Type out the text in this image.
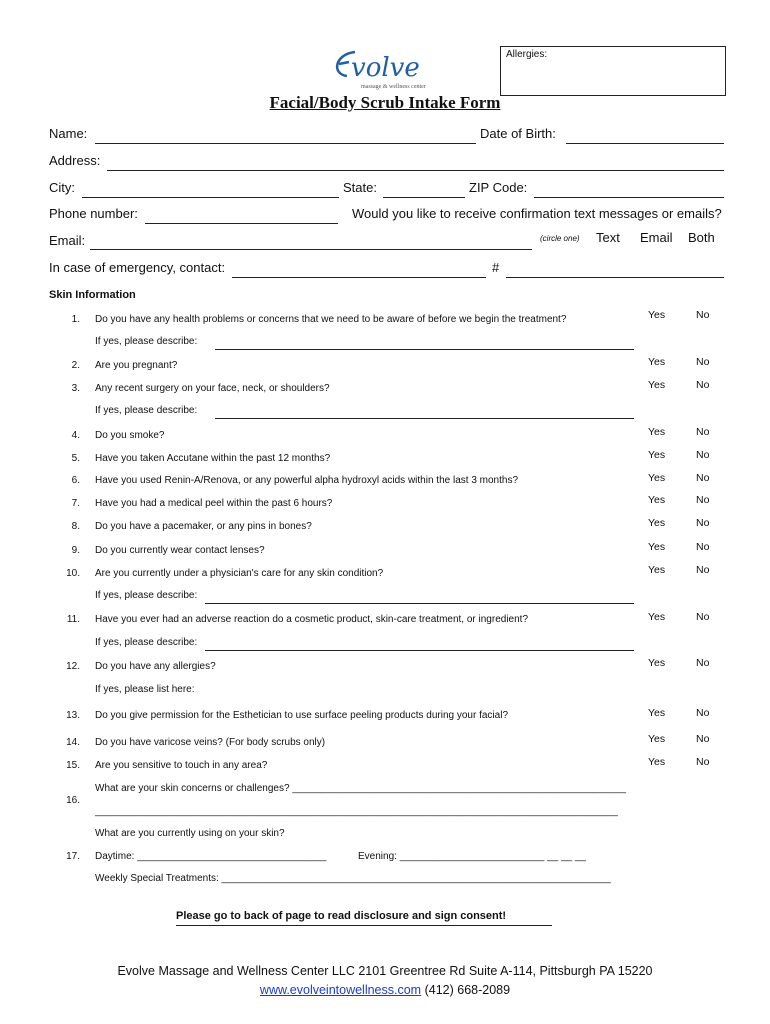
volve
massage & wellness center
Allergies:
Facial/Body Scrub Intake Form
Name:	Date of Birth:
Address:
City:	State:	ZIP Code:
Phone number:	Would you like to receive confirmation text messages or emails?
Email:	(circle one) Text Email Both
In case of emergency, contact:	#
Skin Information
1. Do you have any health problems or concerns that we need to be aware of before we begin the treatment?	Yes	No
If yes, please describe:
2. Are you pregnant?	Yes	No
3. Any recent surgery on your face, neck, or shoulders?	Yes	No
If yes, please describe:
4. Do you smoke?	Yes	No
5. Have you taken Accutane within the past 12 months?	Yes	No
6. Have you used Renin-A/Renova, or any powerful alpha hydroxyl acids within the last 3 months?	Yes	No
7. Have you had a medical peel within the past 6 hours?	Yes	No
8. Do you have a pacemaker, or any pins in bones?	Yes	No
9. Do you currently wear contact lenses?	Yes	No
10. Are you currently under a physician's care for any skin condition?	Yes	No
If yes, please describe:
11. Have you ever had an adverse reaction do a cosmetic product, skin-care treatment, or ingredient?	Yes	No
If yes, please describe:
12. Do you have any allergies?	Yes	No
If yes, please list here:
13. Do you give permission for the Esthetician to use surface peeling products during your facial?	Yes	No
14. Do you have varicose veins? (For body scrubs only)	Yes	No
15. Are you sensitive to touch in any area?	Yes	No
16.
What are your skin concerns or challenges? ____________________________________________________________
______________________________________________________________________________________________
What are you currently using on your skin?
17. Daytime: __________________________________	Evening: __________________________ __ __ __
Weekly Special Treatments: ______________________________________________________________________
Please go to back of page to read disclosure and sign consent!
Evolve Massage and Wellness Center LLC 2101 Greentree Rd Suite A-114, Pittsburgh PA 15220
www.evolveintowellness.com (412) 668-2089
